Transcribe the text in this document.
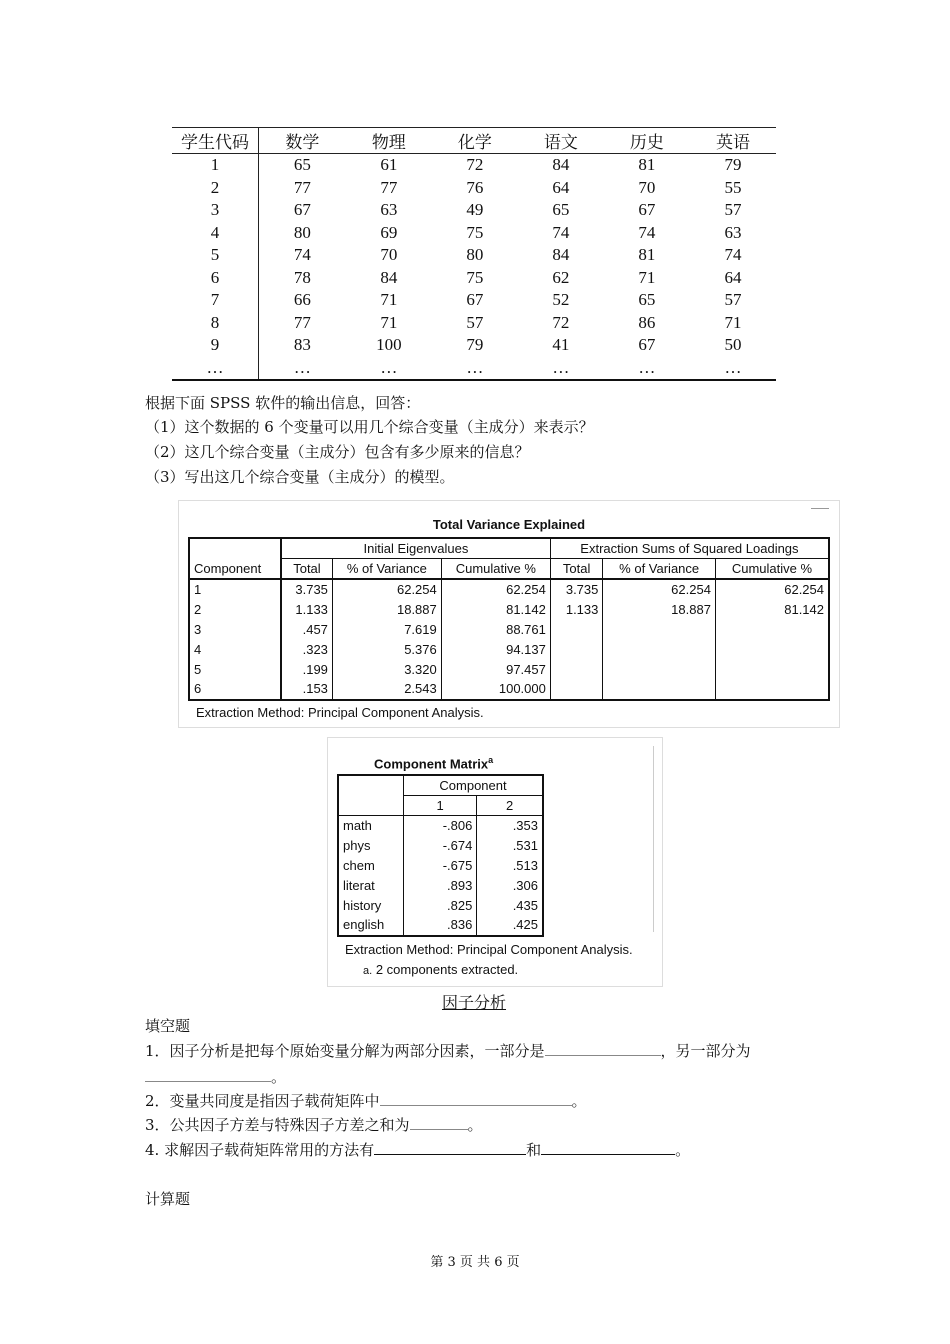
学生代码	数学	物理	化学	语文	历史	英语
1	65	61	72	84	81	79
2	77	77	76	64	70	55
3	67	63	49	65	67	57
4	80	69	75	74	74	63
5	74	70	80	84	81	74
6	78	84	75	62	71	64
7	66	71	67	52	65	57
8	77	71	57	72	86	71
9	83	100	79	41	67	50
…	…	…	…	…	…	…
根据下面 SPSS 软件的输出信息，回答：
（1）这个数据的 6 个变量可以用几个综合变量（主成分）来表示？
（2）这几个综合变量（主成分）包含有多少原来的信息？
（3）写出这几个综合变量（主成分）的模型。
Total Variance Explained
Component	Initial Eigenvalues			Extraction Sums of Squared Loadings		
	Total	% of Variance	Cumulative %	Total	% of Variance	Cumulative %
1	3.735	62.254	62.254	3.735	62.254	62.254
2	1.133	18.887	81.142	1.133	18.887	81.142
3	.457	7.619	88.761			
4	.323	5.376	94.137			
5	.199	3.320	97.457			
6	.153	2.543	100.000			
Extraction Method: Principal Component Analysis.
Component Matrix$^a$
	Component	
	1	2
math	-.806	.353
phys	-.674	.531
chem	-.675	.513
literat	.893	.306
history	.825	.435
english	.836	.425
Extraction Method: Principal Component Analysis.
a. 2 components extracted.
因子分析
填空题
1．因子分析是把每个原始变量分解为两部分因素，一部分是	，另一部分为
。
2．变量共同度是指因子载荷矩阵中	。
3．公共因子方差与特殊因子方差之和为	。
4. 求解因子载荷矩阵常用的方法有	和	。
计算题
第 3 页 共 6 页
